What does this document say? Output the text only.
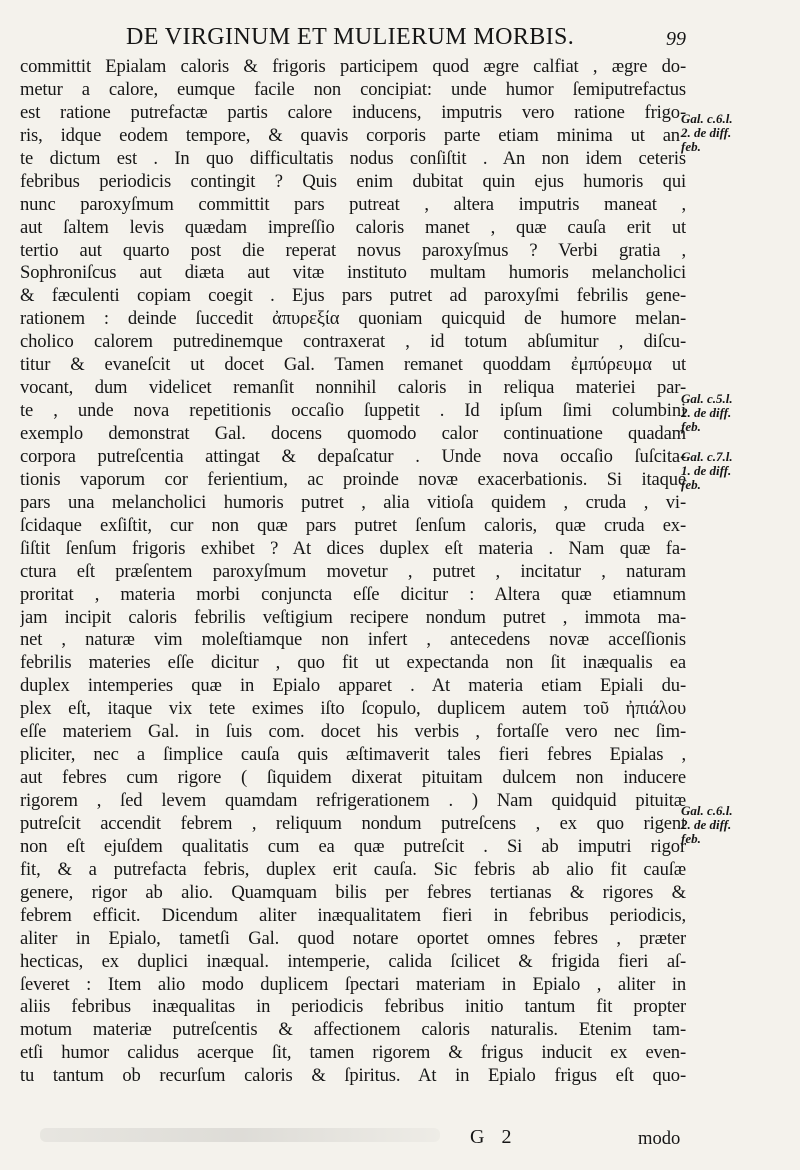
DE VIRGINUM ET MULIERUM MORBIS.	99
committit Epialam caloris & frigoris participem quod ægre calfiat , ægre do-
metur a calore, eumque facile non concipiat: unde humor ſemiputrefactus
est ratione putrefactæ partis calore inducens, imputris vero ratione frigo-
ris, idque eodem tempore, & quavis corporis parte etiam minima ut an-
te dictum est . In quo difficultatis nodus conſiſtit . An non idem ceteris
febribus periodicis contingit ? Quis enim dubitat quin ejus humoris qui
nunc paroxyſmum committit pars putreat , altera imputris maneat ,
aut ſaltem levis quædam impreſſio caloris manet , quæ cauſa erit ut
tertio aut quarto post die reperat novus paroxyſmus ? Verbi gratia ,
Sophroniſcus aut diæta aut vitæ instituto multam humoris melancholici
& fæculenti copiam coegit . Ejus pars putret ad paroxyſmi febrilis gene-
rationem : deinde ſuccedit ἀπυρεξία quoniam quicquid de humore melan-
cholico calorem putredinemque contraxerat , id totum abſumitur , diſcu-
titur & evaneſcit ut docet Gal. Tamen remanet quoddam ἐμπύρευμα ut
vocant, dum videlicet remanſit nonnihil caloris in reliqua materiei par-
te , unde nova repetitionis occaſio ſuppetit . Id ipſum ſimi columbini
exemplo demonstrat Gal. docens quomodo calor continuatione quadam
corpora putreſcentia attingat & depaſcatur . Unde nova occaſio ſuſcita-
tionis vaporum cor ferientium, ac proinde novæ exacerbationis. Si itaque
pars una melancholici humoris putret , alia vitioſa quidem , cruda , vi-
ſcidaque exſiſtit, cur non quæ pars putret ſenſum caloris, quæ cruda ex-
ſiſtit ſenſum frigoris exhibet ? At dices duplex eſt materia . Nam quæ fa-
ctura eſt præſentem paroxyſmum movetur , putret , incitatur , naturam
proritat , materia morbi conjuncta eſſe dicitur : Altera quæ etiamnum
jam incipit caloris febrilis veſtigium recipere nondum putret , immota ma-
net , naturæ vim moleſtiamque non infert , antecedens novæ acceſſionis
febrilis materies eſſe dicitur , quo fit ut expectanda non ſit inæqualis ea
duplex intemperies quæ in Epialo apparet . At materia etiam Epiali du-
plex eſt, itaque vix tete eximes iſto ſcopulo, duplicem autem τοῦ ἠπιάλου
eſſe materiem Gal. in ſuis com. docet his verbis , fortaſſe vero nec ſim-
pliciter, nec a ſimplice cauſa quis æſtimaverit tales fieri febres Epialas ,
aut febres cum rigore ( ſiquidem dixerat pituitam dulcem non inducere
rigorem , ſed levem quamdam refrigerationem . ) Nam quidquid pituitæ
putreſcit accendit febrem , reliquum nondum putreſcens , ex quo rigent
non eſt ejuſdem qualitatis cum ea quæ putreſcit . Si ab imputri rigor
fit, & a putrefacta febris, duplex erit cauſa. Sic febris ab alio fit cauſæ
genere, rigor ab alio. Quamquam bilis per febres tertianas & rigores &
febrem efficit. Dicendum aliter inæqualitatem fieri in febribus periodicis,
aliter in Epialo, tametſi Gal. quod notare oportet omnes febres , præter
hecticas, ex duplici inæqual. intemperie, calida ſcilicet & frigida fieri aſ-
ſeveret : Item alio modo duplicem ſpectari materiam in Epialo , aliter in
aliis febribus inæqualitas in periodicis febribus initio tantum fit propter
motum materiæ putreſcentis & affectionem caloris naturalis. Etenim tam-
etſi humor calidus acerque ſit, tamen rigorem & frigus inducit ex even-
tu tantum ob recurſum caloris & ſpiritus. At in Epialo frigus eſt quo-
Gal. c.6.l.
2. de diff.
feb.
Gal. c.5.l.
2. de diff.
feb.
Gal. c.7.l.
1. de diff.
feb.
Gal. c.6.l.
2. de diff.
feb.
G 2	modo
